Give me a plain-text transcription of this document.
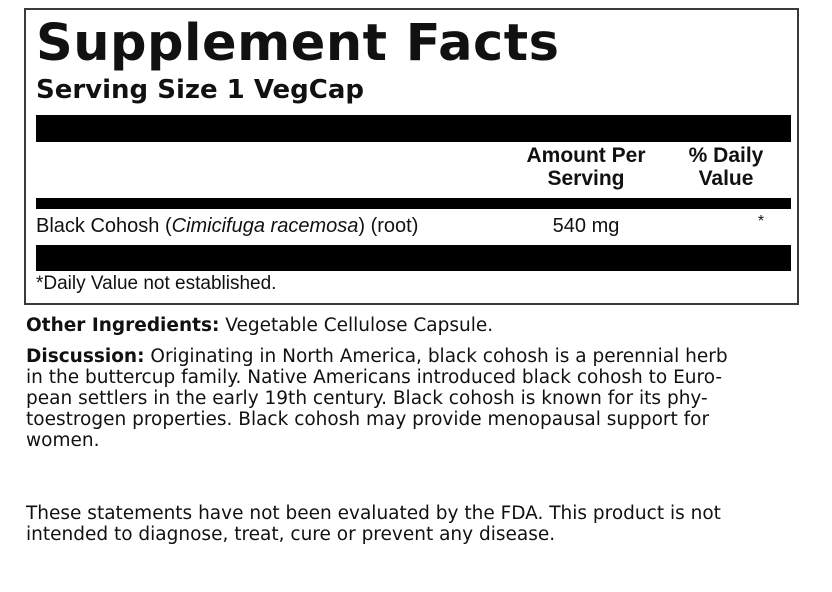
Supplement Facts
Serving Size 1 VegCap
Amount Per
Serving
% Daily
Value
Black Cohosh (Cimicifuga racemosa) (root)	540 mg	*
*Daily Value not established.

Other Ingredients: Vegetable Cellulose Capsule.

Discussion: Originating in North America, black cohosh is a perennial herb
in the buttercup family. Native Americans introduced black cohosh to Euro-
pean settlers in the early 19th century. Black cohosh is known for its phy-
toestrogen properties. Black cohosh may provide menopausal support for
women.

These statements have not been evaluated by the FDA. This product is not
intended to diagnose, treat, cure or prevent any disease.
